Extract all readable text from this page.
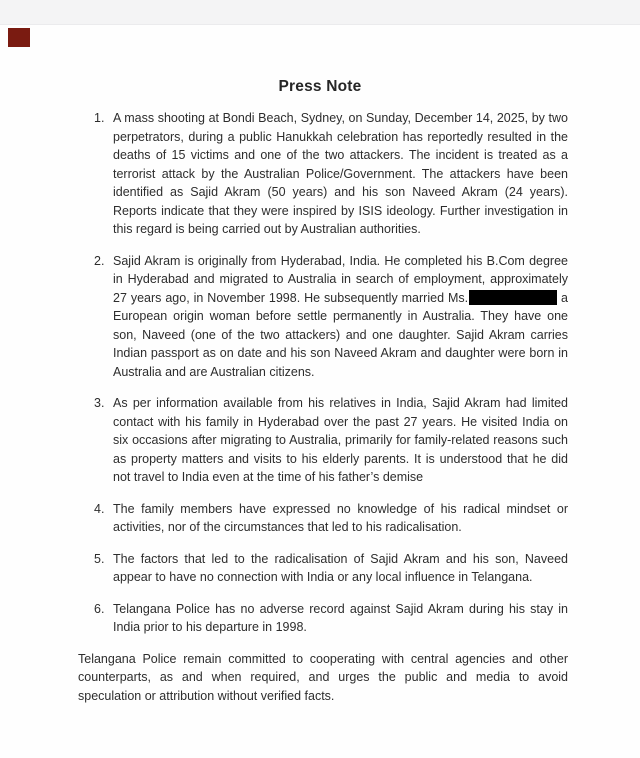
Press Note
1. A mass shooting at Bondi Beach, Sydney, on Sunday, December 14, 2025, by two perpetrators, during a public Hanukkah celebration has reportedly resulted in the deaths of 15 victims and one of the two attackers. The incident is treated as a terrorist attack by the Australian Police/Government. The attackers have been identified as Sajid Akram (50 years) and his son Naveed Akram (24 years). Reports indicate that they were inspired by ISIS ideology. Further investigation in this regard is being carried out by Australian authorities.
2. Sajid Akram is originally from Hyderabad, India. He completed his B.Com degree in Hyderabad and migrated to Australia in search of employment, approximately 27 years ago, in November 1998. He subsequently married Ms.	a European origin woman before settle permanently in Australia. They have one son, Naveed (one of the two attackers) and one daughter. Sajid Akram carries Indian passport as on date and his son Naveed Akram and daughter were born in Australia and are Australian citizens.
3. As per information available from his relatives in India, Sajid Akram had limited contact with his family in Hyderabad over the past 27 years. He visited India on six occasions after migrating to Australia, primarily for family-related reasons such as property matters and visits to his elderly parents. It is understood that he did not travel to India even at the time of his father’s demise
4. The family members have expressed no knowledge of his radical mindset or activities, nor of the circumstances that led to his radicalisation.
5. The factors that led to the radicalisation of Sajid Akram and his son, Naveed appear to have no connection with India or any local influence in Telangana.
6. Telangana Police has no adverse record against Sajid Akram during his stay in India prior to his departure in 1998.
Telangana Police remain committed to cooperating with central agencies and other counterparts, as and when required, and urges the public and media to avoid speculation or attribution without verified facts.
